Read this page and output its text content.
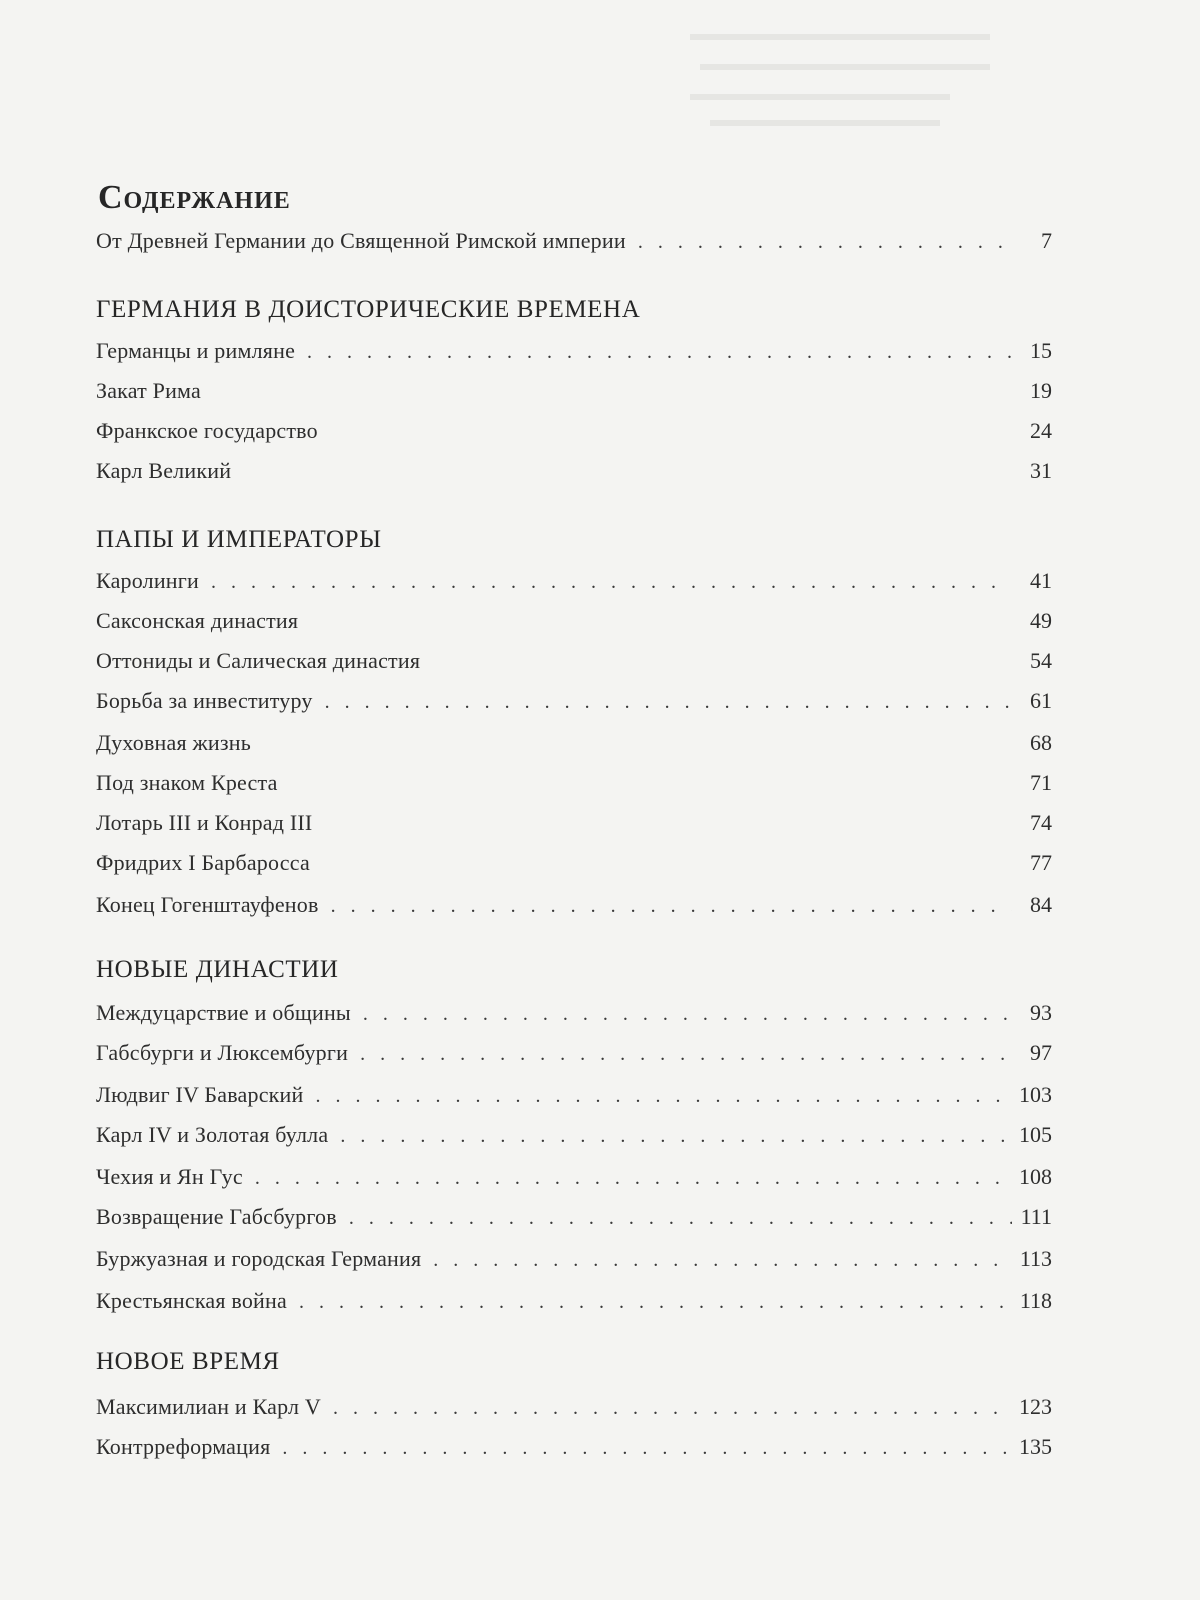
Содержание
От Древней Германии до Священной Римской империи . . .	7
ГЕРМАНИЯ В ДОИСТОРИЧЕСКИЕ ВРЕМЕНА
Германцы и римляне . . .	15
Закат Рима	19
Франкское государство	24
Карл Великий	31
ПАПЫ И ИМПЕРАТОРЫ
Каролинги . . .	41
Саксонская династия	49
Оттониды и Салическая династия	54
Борьба за инвеституру . . .	61
Духовная жизнь	68
Под знаком Креста	71
Лотарь III и Конрад III	74
Фридрих I Барбаросса	77
Конец Гогенштауфенов . . .	84
НОВЫЕ ДИНАСТИИ
Междуцарствие и общины . . .	93
Габсбурги и Люксембурги . . .	97
Людвиг IV Баварский . . .	103
Карл IV и Золотая булла . . .	105
Чехия и Ян Гус . . .	108
Возвращение Габсбургов . . .	111
Буржуазная и городская Германия . . .	113
Крестьянская война . . .	118
НОВОЕ ВРЕМЯ
Максимилиан и Карл V . . .	123
Контрреформация . . .	135
